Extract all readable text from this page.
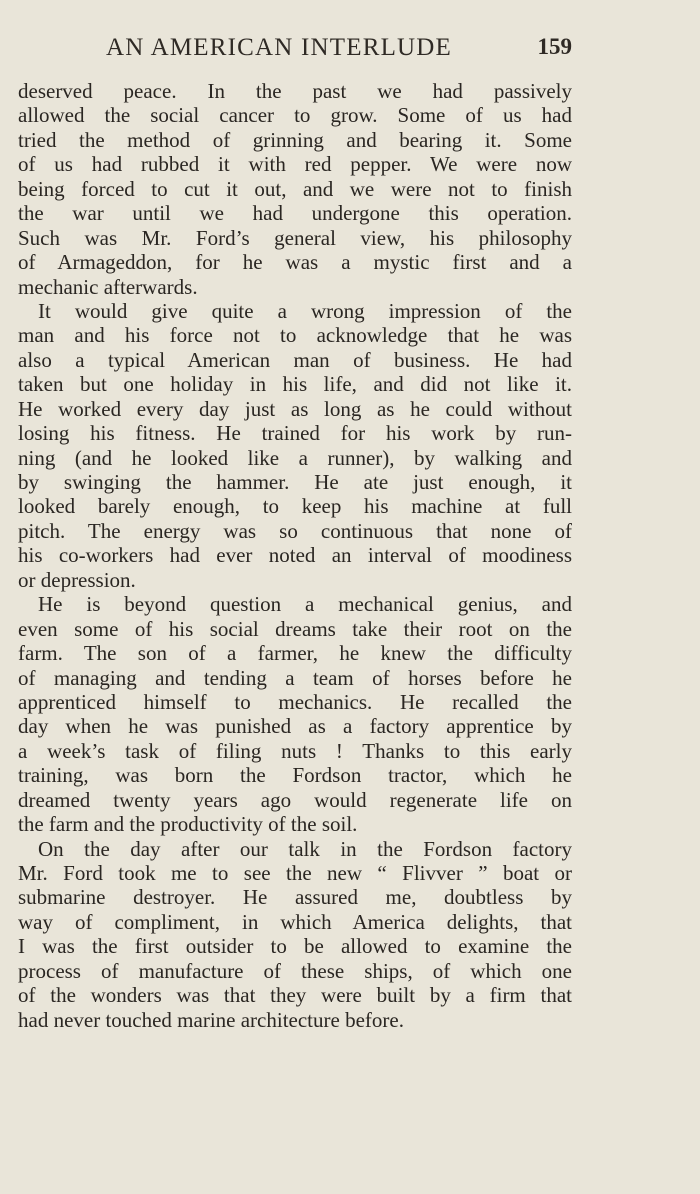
AN AMERICAN INTERLUDE	159
deserved peace. In the past we had passively
allowed the social cancer to grow. Some of us had
tried the method of grinning and bearing it. Some
of us had rubbed it with red pepper. We were now
being forced to cut it out, and we were not to finish
the war until we had undergone this operation.
Such was Mr. Ford’s general view, his philosophy
of Armageddon, for he was a mystic first and a
mechanic afterwards.
It would give quite a wrong impression of the
man and his force not to acknowledge that he was
also a typical American man of business. He had
taken but one holiday in his life, and did not like it.
He worked every day just as long as he could without
losing his fitness. He trained for his work by run-
ning (and he looked like a runner), by walking and
by swinging the hammer. He ate just enough, it
looked barely enough, to keep his machine at full
pitch. The energy was so continuous that none of
his co-workers had ever noted an interval of moodiness
or depression.
He is beyond question a mechanical genius, and
even some of his social dreams take their root on the
farm. The son of a farmer, he knew the difficulty
of managing and tending a team of horses before he
apprenticed himself to mechanics. He recalled the
day when he was punished as a factory apprentice by
a week’s task of filing nuts ! Thanks to this early
training, was born the Fordson tractor, which he
dreamed twenty years ago would regenerate life on
the farm and the productivity of the soil.
On the day after our talk in the Fordson factory
Mr. Ford took me to see the new “ Flivver ” boat or
submarine destroyer. He assured me, doubtless by
way of compliment, in which America delights, that
I was the first outsider to be allowed to examine the
process of manufacture of these ships, of which one
of the wonders was that they were built by a firm that
had never touched marine architecture before.
